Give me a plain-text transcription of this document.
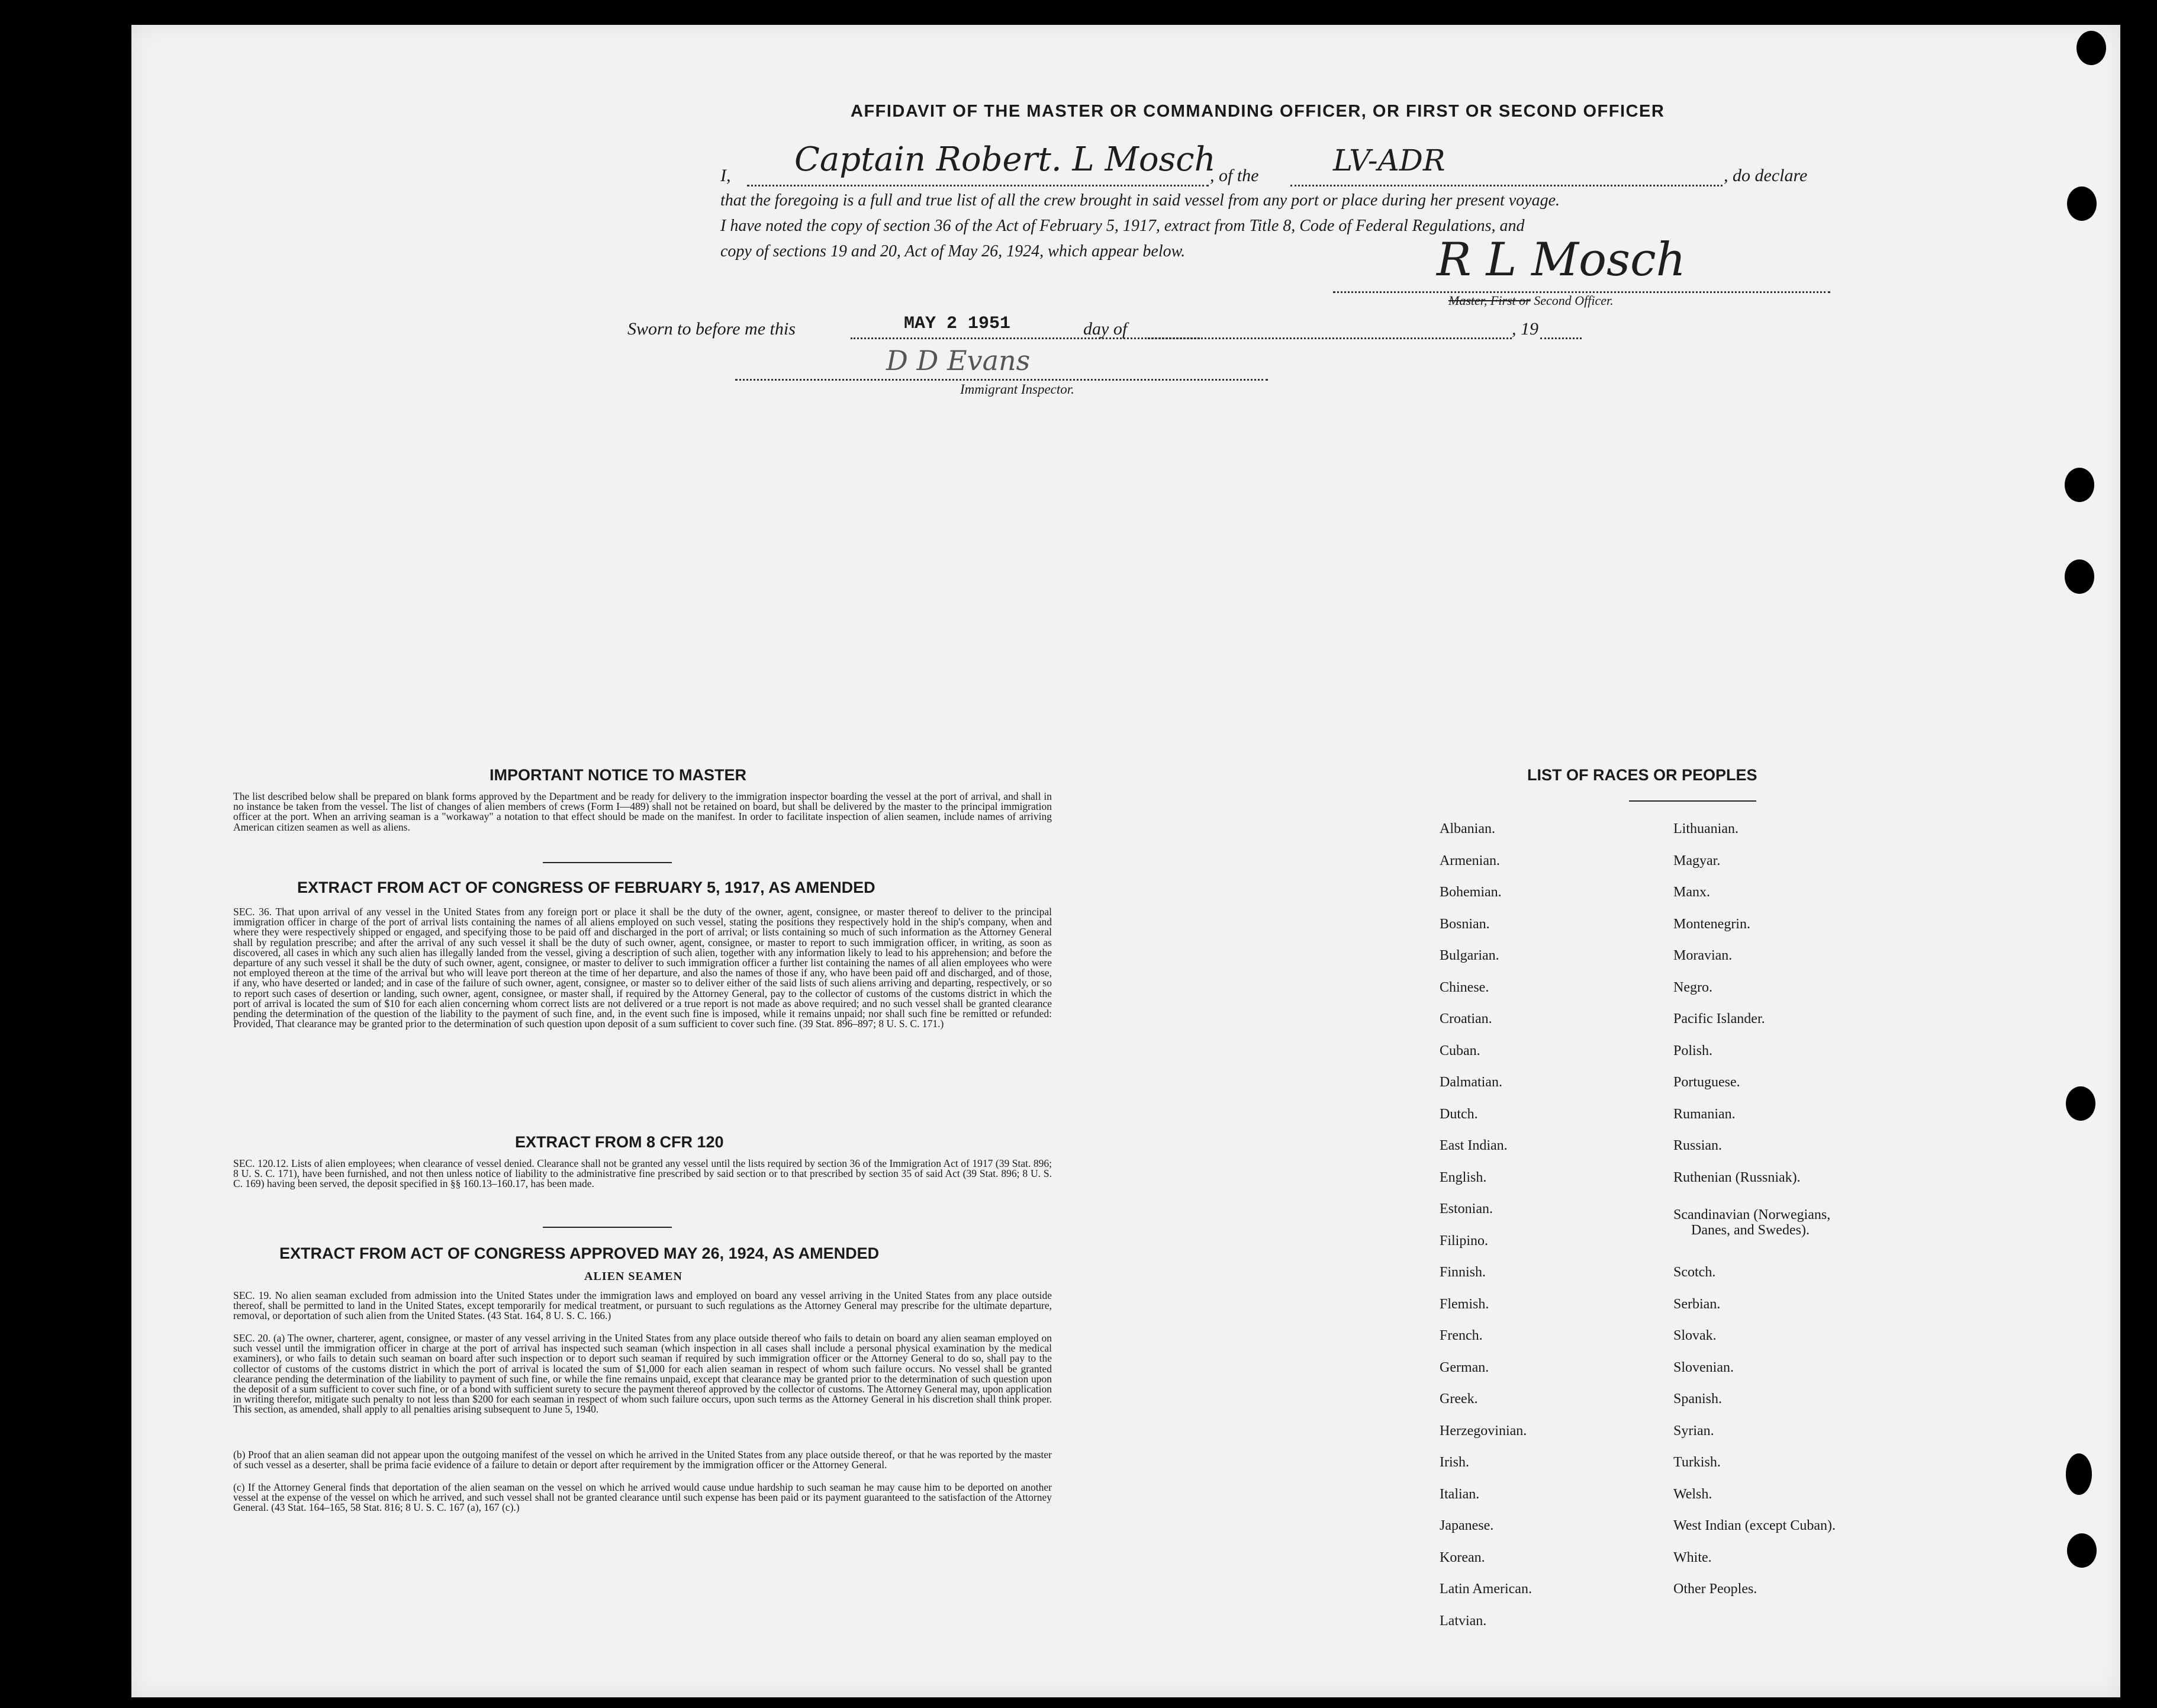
AFFIDAVIT OF THE MASTER OR COMMANDING OFFICER, OR FIRST OR SECOND OFFICER
I, Captain Robert. L Mosch
, of the	LV-ADR	, do declare
that the foregoing is a full and true list of all the crew brought in said vessel from any port or place during her present voyage.
I have noted the copy of section 36 of the Act of February 5, 1917, extract from Title 8, Code of Federal Regulations, and
copy of sections 19 and 20, Act of May 26, 1924, which appear below.	R L Mosch
Master, First or Second Officer.
Sworn to before me this	MAY 2 1951	day of	, 19
D D Evans
Immigrant Inspector.
IMPORTANT NOTICE TO MASTER
The list described below shall be prepared on blank forms approved by the Department and be ready for delivery to the immigration inspector boarding the vessel at the port of arrival, and shall in no instance be taken from the vessel. The list of changes of alien members of crews (Form I—489) shall not be retained on board, but shall be delivered by the master to the principal immigration officer at the port. When an arriving seaman is a "workaway" a notation to that effect should be made on the manifest. In order to facilitate inspection of alien seamen, include names of arriving American citizen seamen as well as aliens.
EXTRACT FROM ACT OF CONGRESS OF FEBRUARY 5, 1917, AS AMENDED
SEC. 36. That upon arrival of any vessel in the United States from any foreign port or place it shall be the duty of the owner, agent, consignee, or master thereof to deliver to the principal immigration officer in charge of the port of arrival lists containing the names of all aliens employed on such vessel, stating the positions they respectively hold in the ship's company, when and where they were respectively shipped or engaged, and specifying those to be paid off and discharged in the port of arrival; or lists containing so much of such information as the Attorney General shall by regulation prescribe; and after the arrival of any such vessel it shall be the duty of such owner, agent, consignee, or master to report to such immigration officer, in writing, as soon as discovered, all cases in which any such alien has illegally landed from the vessel, giving a description of such alien, together with any information likely to lead to his apprehension; and before the departure of any such vessel it shall be the duty of such owner, agent, consignee, or master to deliver to such immigration officer a further list containing the names of all alien employees who were not employed thereon at the time of the arrival but who will leave port thereon at the time of her departure, and also the names of those if any, who have been paid off and discharged, and of those, if any, who have deserted or landed; and in case of the failure of such owner, agent, consignee, or master so to deliver either of the said lists of such aliens arriving and departing, respectively, or so to report such cases of desertion or landing, such owner, agent, consignee, or master shall, if required by the Attorney General, pay to the collector of customs of the customs district in which the port of arrival is located the sum of $10 for each alien concerning whom correct lists are not delivered or a true report is not made as above required; and no such vessel shall be granted clearance pending the determination of the question of the liability to the payment of such fine, and, in the event such fine is imposed, while it remains unpaid; nor shall such fine be remitted or refunded: Provided, That clearance may be granted prior to the determination of such question upon deposit of a sum sufficient to cover such fine. (39 Stat. 896–897; 8 U. S. C. 171.)
EXTRACT FROM 8 CFR 120
SEC. 120.12. Lists of alien employees; when clearance of vessel denied. Clearance shall not be granted any vessel until the lists required by section 36 of the Immigration Act of 1917 (39 Stat. 896; 8 U. S. C. 171), have been furnished, and not then unless notice of liability to the administrative fine prescribed by said section or to that prescribed by section 35 of said Act (39 Stat. 896; 8 U. S. C. 169) having been served, the deposit specified in §§ 160.13–160.17, has been made.
EXTRACT FROM ACT OF CONGRESS APPROVED MAY 26, 1924, AS AMENDED
ALIEN SEAMEN
SEC. 19. No alien seaman excluded from admission into the United States under the immigration laws and employed on board any vessel arriving in the United States from any place outside thereof, shall be permitted to land in the United States, except temporarily for medical treatment, or pursuant to such regulations as the Attorney General may prescribe for the ultimate departure, removal, or deportation of such alien from the United States. (43 Stat. 164, 8 U. S. C. 166.)
SEC. 20. (a) The owner, charterer, agent, consignee, or master of any vessel arriving in the United States from any place outside thereof who fails to detain on board any alien seaman employed on such vessel until the immigration officer in charge at the port of arrival has inspected such seaman (which inspection in all cases shall include a personal physical examination by the medical examiners), or who fails to detain such seaman on board after such inspection or to deport such seaman if required by such immigration officer or the Attorney General to do so, shall pay to the collector of customs of the customs district in which the port of arrival is located the sum of $1,000 for each alien seaman in respect of whom such failure occurs. No vessel shall be granted clearance pending the determination of the liability to payment of such fine, or while the fine remains unpaid, except that clearance may be granted prior to the determination of such question upon the deposit of a sum sufficient to cover such fine, or of a bond with sufficient surety to secure the payment thereof approved by the collector of customs. The Attorney General may, upon application in writing therefor, mitigate such penalty to not less than $200 for each seaman in respect of whom such failure occurs, upon such terms as the Attorney General in his discretion shall think proper. This section, as amended, shall apply to all penalties arising subsequent to June 5, 1940.
(b) Proof that an alien seaman did not appear upon the outgoing manifest of the vessel on which he arrived in the United States from any place outside thereof, or that he was reported by the master of such vessel as a deserter, shall be prima facie evidence of a failure to detain or deport after requirement by the immigration officer or the Attorney General.
(c) If the Attorney General finds that deportation of the alien seaman on the vessel on which he arrived would cause undue hardship to such seaman he may cause him to be deported on another vessel at the expense of the vessel on which he arrived, and such vessel shall not be granted clearance until such expense has been paid or its payment guaranteed to the satisfaction of the Attorney General. (43 Stat. 164–165, 58 Stat. 816; 8 U. S. C. 167 (a), 167 (c).)
LIST OF RACES OR PEOPLES
Albanian.
Armenian.
Bohemian.
Bosnian.
Bulgarian.
Chinese.
Croatian.
Cuban.
Dalmatian.
Dutch.
East Indian.
English.
Estonian.
Filipino.
Finnish.
Flemish.
French.
German.
Greek.
Herzegovinian.
Irish.
Italian.
Japanese.
Korean.
Latin American.
Latvian.
Lithuanian.
Magyar.
Manx.
Montenegrin.
Moravian.
Negro.
Pacific Islander.
Polish.
Portuguese.
Rumanian.
Russian.
Ruthenian (Russniak).
Scandinavian (Norwegians,
Danes, and Swedes).
Scotch.
Serbian.
Slovak.
Slovenian.
Spanish.
Syrian.
Turkish.
Welsh.
West Indian (except Cuban).
White.
Other Peoples.
